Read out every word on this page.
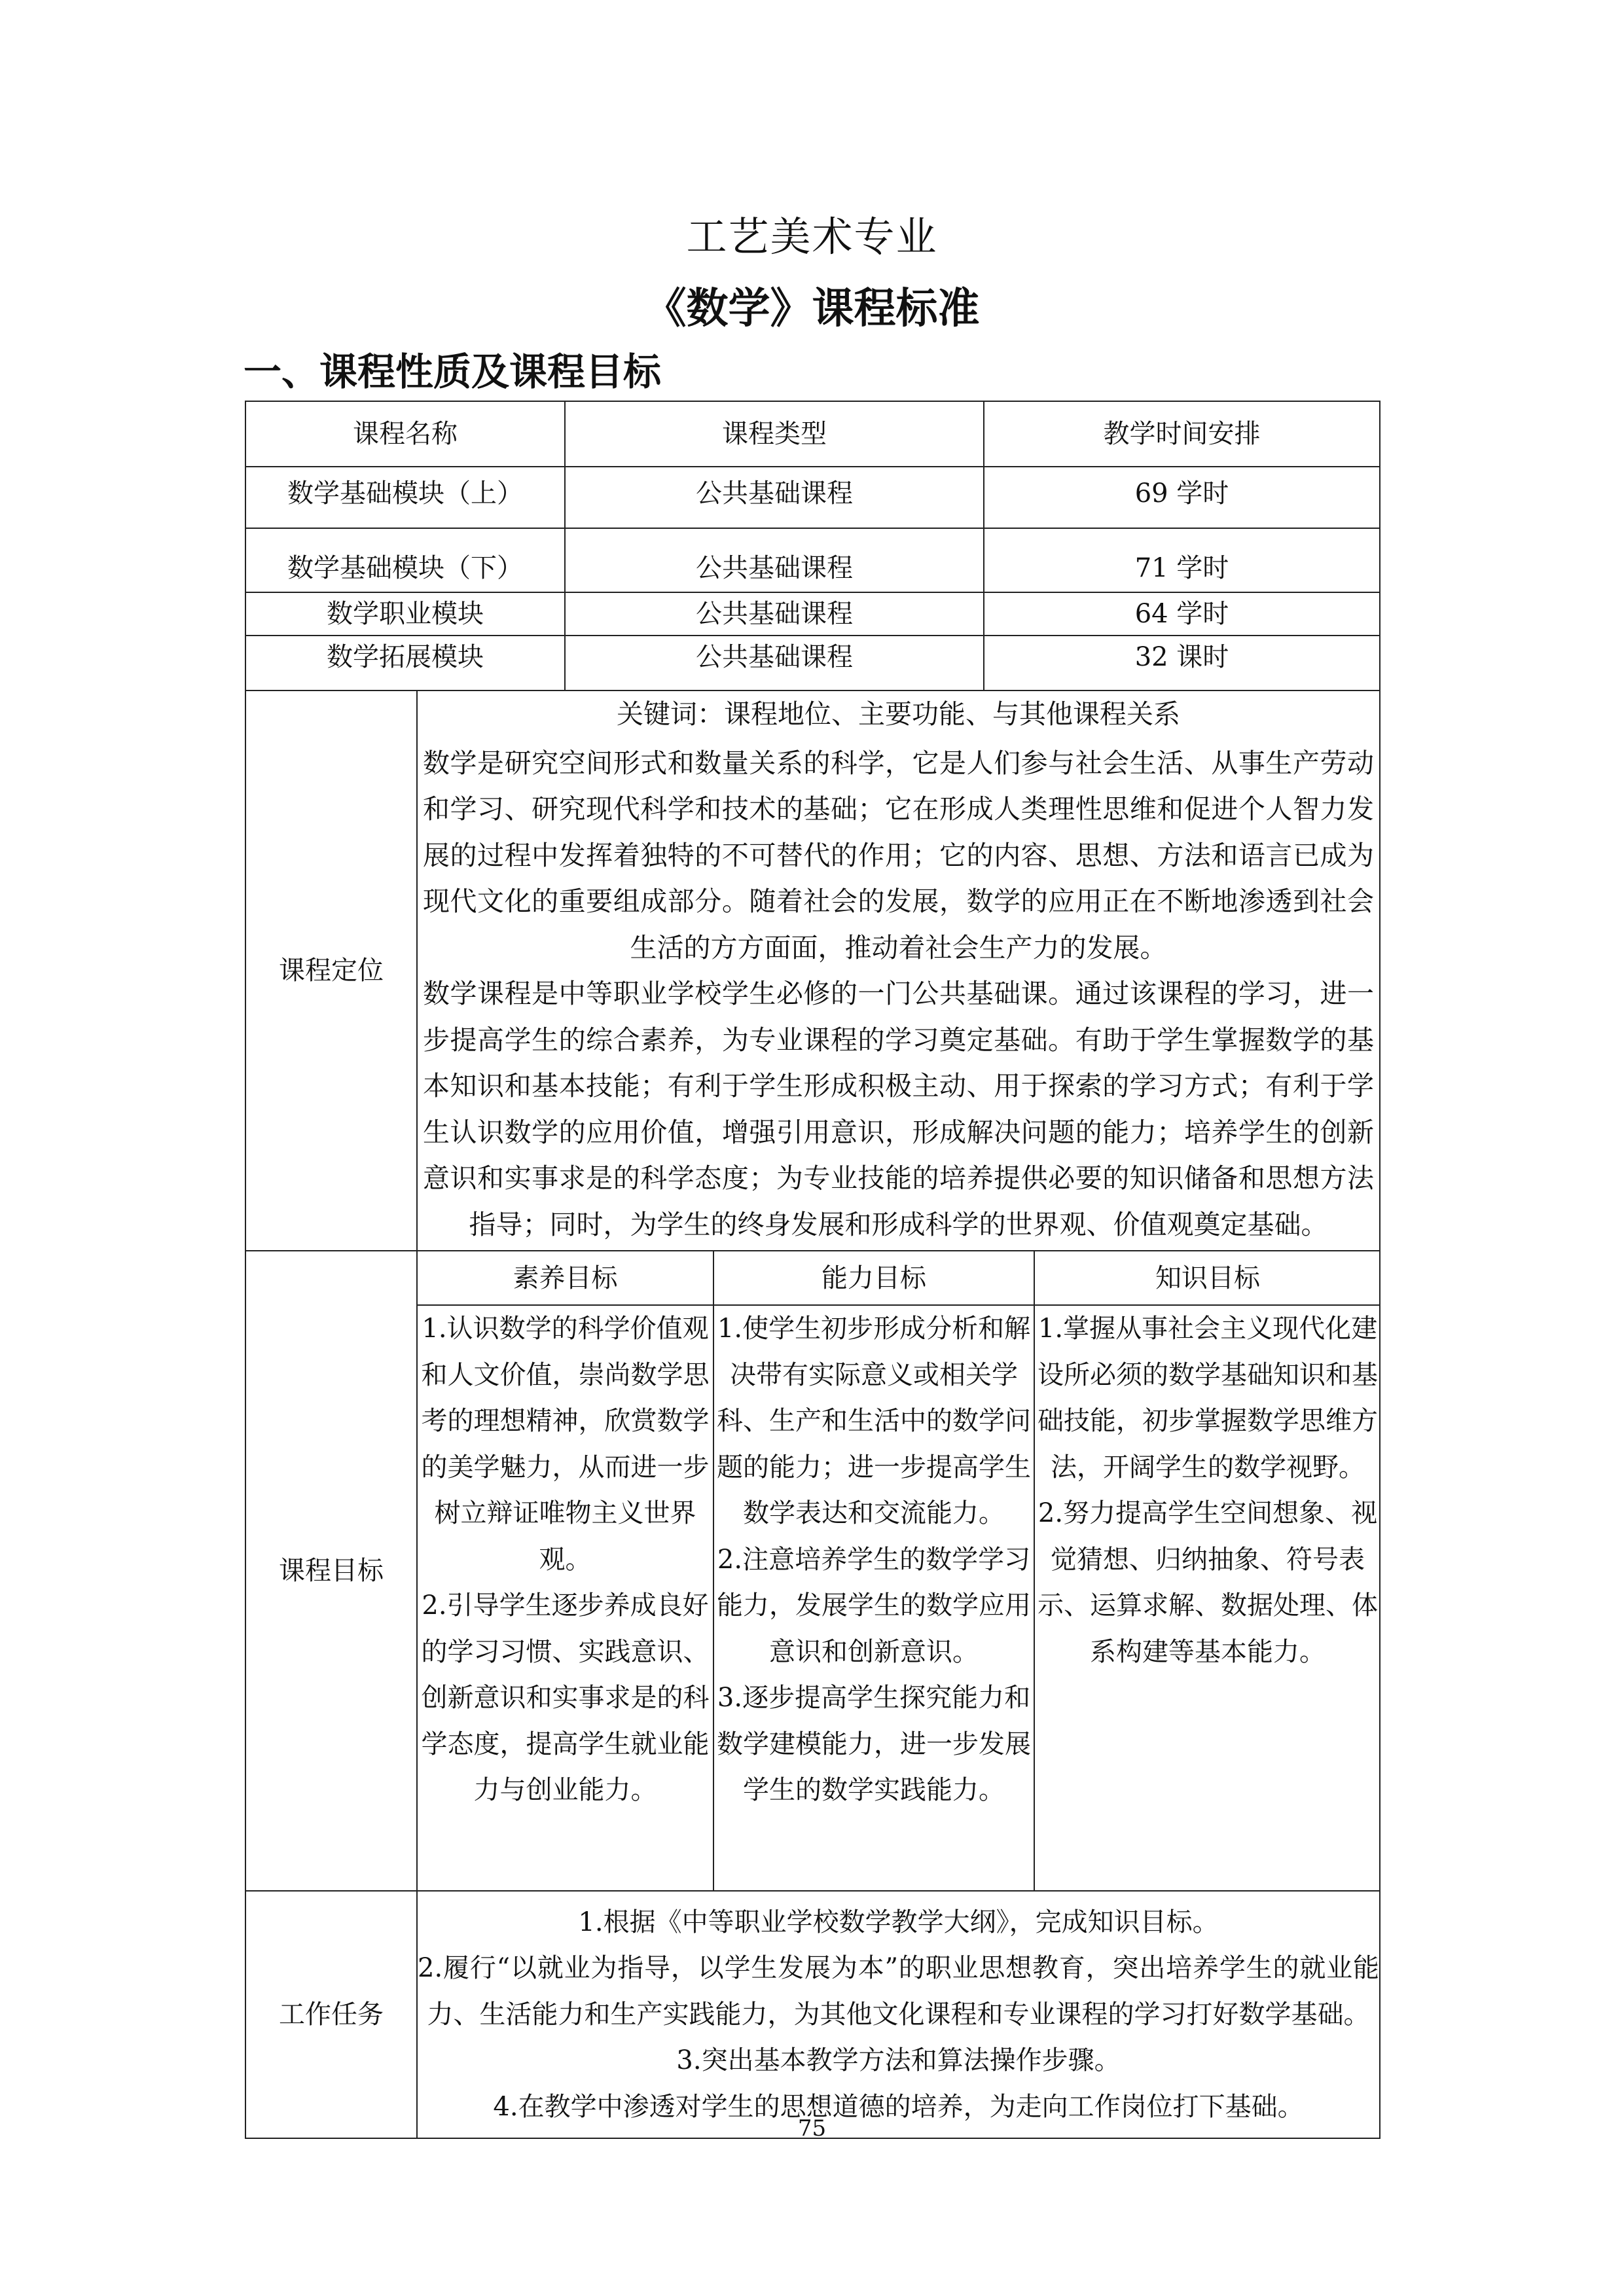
工艺美术专业
《数学》课程标准
一、课程性质及课程目标
课程名称	课程类型	教学时间安排
数学基础模块（上）	公共基础课程	69 学时
数学基础模块（下）	公共基础课程	71 学时
数学职业模块	公共基础课程	64 学时
数学拓展模块	公共基础课程	32 课时
课程定位	
关键词：课程地位、主要功能、与其他课程关系
数学是研究空间形式和数量关系的科学，它是人们参与社会生活、从事生产劳动和学习、研究现代科学和技术的基础；它在形成人类理性思维和促进个人智力发展的过程中发挥着独特的不可替代的作用；它的内容、思想、方法和语言已成为现代文化的重要组成部分。随着社会的发展，数学的应用正在不断地渗透到社会生活的方方面面，推动着社会生产力的发展。
数学课程是中等职业学校学生必修的一门公共基础课。通过该课程的学习，进一步提高学生的综合素养，为专业课程的学习奠定基础。有助于学生掌握数学的基本知识和基本技能；有利于学生形成积极主动、用于探索的学习方式；有利于学生认识数学的应用价值，增强引用意识，形成解决问题的能力；培养学生的创新意识和实事求是的科学态度；为专业技能的培养提供必要的知识储备和思想方法指导；同时，为学生的终身发展和形成科学的世界观、价值观奠定基础。

课程目标	
素养目标	能力目标	知识目标

1.认识数学的科学价值观和人文价值，崇尚数学思考的理想精神，欣赏数学的美学魅力，从而进一步树立辩证唯物主义世界观。
2.引导学生逐步养成良好的学习习惯、实践意识、创新意识和实事求是的科学态度，提高学生就业能力与创业能力。

1.使学生初步形成分析和解决带有实际意义或相关学科、生产和生活中的数学问题的能力；进一步提高学生数学表达和交流能力。
2.注意培养学生的数学学习能力，发展学生的数学应用意识和创新意识。
3.逐步提高学生探究能力和数学建模能力，进一步发展学生的数学实践能力。

1.掌握从事社会主义现代化建设所必须的数学基础知识和基础技能，初步掌握数学思维方法，开阔学生的数学视野。
2.努力提高学生空间想象、视觉猜想、归纳抽象、符号表示、运算求解、数据处理、体系构建等基本能力。

工作任务	
1.根据《中等职业学校数学教学大纲》，完成知识目标。
2.履行“以就业为指导，以学生发展为本”的职业思想教育，突出培养学生的就业能力、生活能力和生产实践能力，为其他文化课程和专业课程的学习打好数学基础。
3.突出基本教学方法和算法操作步骤。
4.在教学中渗透对学生的思想道德的培养，为走向工作岗位打下基础。
75
